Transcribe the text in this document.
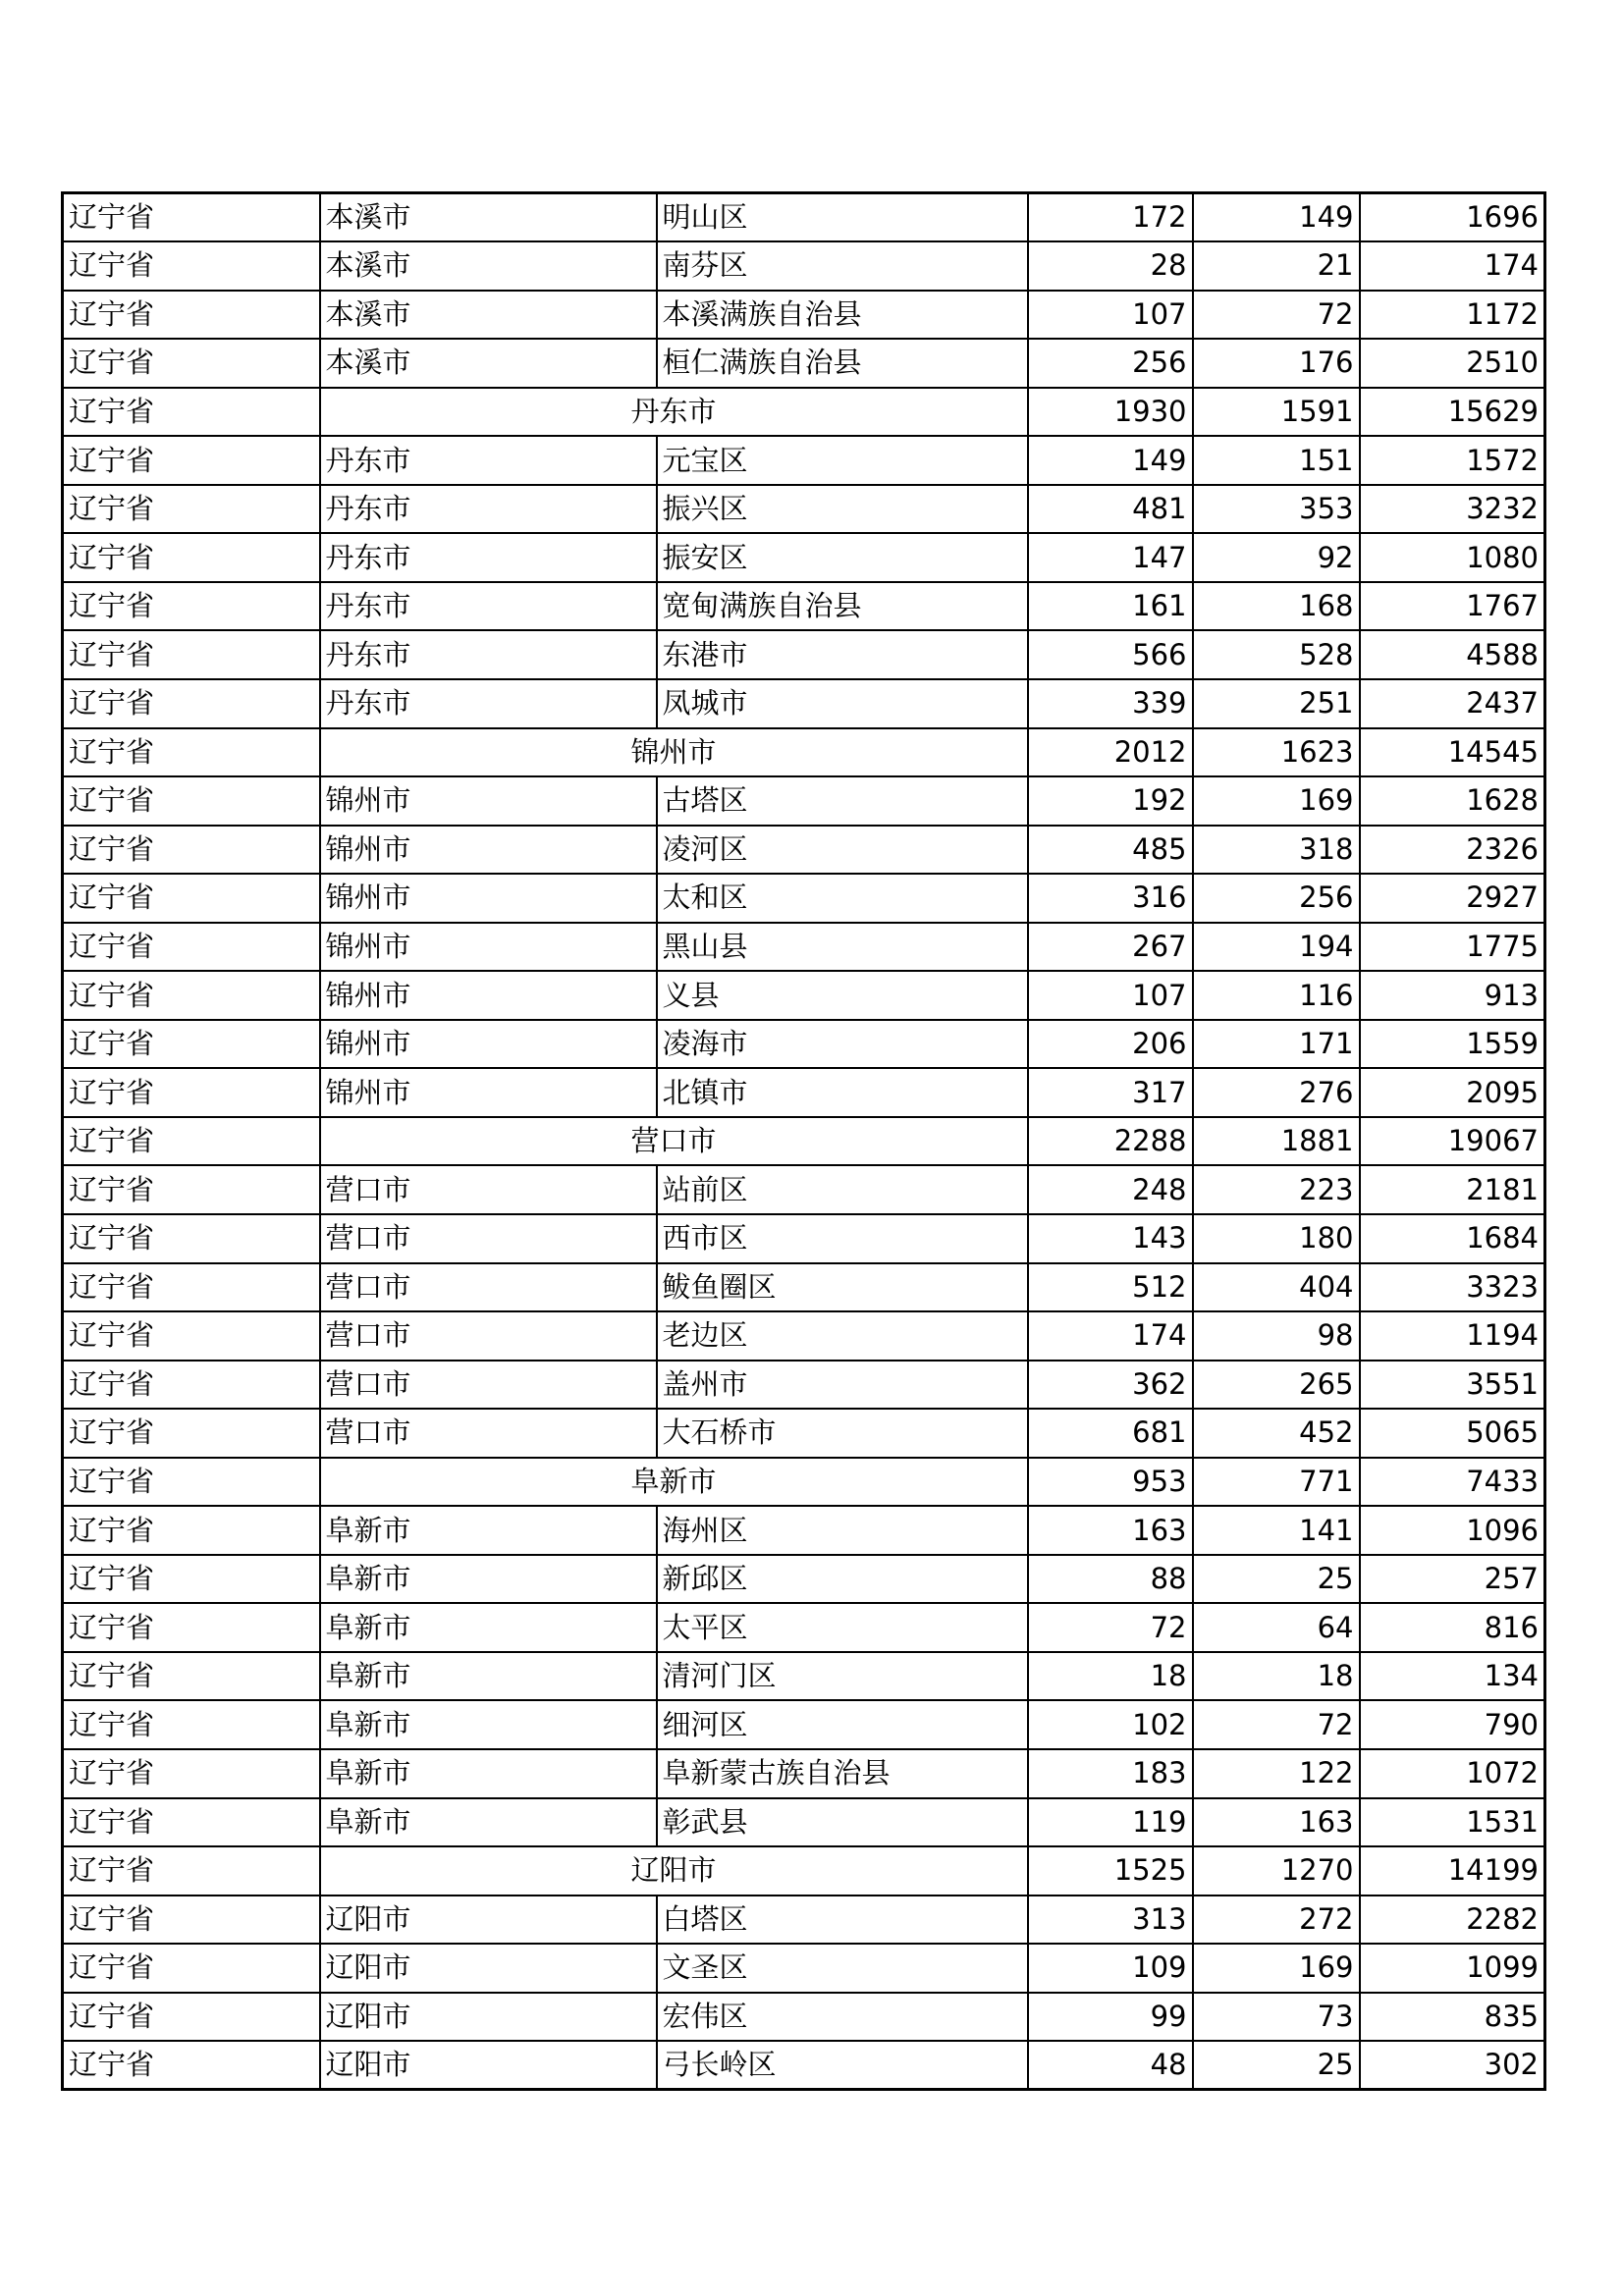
辽宁省	本溪市	明山区	172	149	1696
辽宁省	本溪市	南芬区	28	21	174
辽宁省	本溪市	本溪满族自治县	107	72	1172
辽宁省	本溪市	桓仁满族自治县	256	176	2510
辽宁省	丹东市		1930	1591	15629
辽宁省	丹东市	元宝区	149	151	1572
辽宁省	丹东市	振兴区	481	353	3232
辽宁省	丹东市	振安区	147	92	1080
辽宁省	丹东市	宽甸满族自治县	161	168	1767
辽宁省	丹东市	东港市	566	528	4588
辽宁省	丹东市	凤城市	339	251	2437
辽宁省	锦州市		2012	1623	14545
辽宁省	锦州市	古塔区	192	169	1628
辽宁省	锦州市	凌河区	485	318	2326
辽宁省	锦州市	太和区	316	256	2927
辽宁省	锦州市	黑山县	267	194	1775
辽宁省	锦州市	义县	107	116	913
辽宁省	锦州市	凌海市	206	171	1559
辽宁省	锦州市	北镇市	317	276	2095
辽宁省	营口市		2288	1881	19067
辽宁省	营口市	站前区	248	223	2181
辽宁省	营口市	西市区	143	180	1684
辽宁省	营口市	鲅鱼圈区	512	404	3323
辽宁省	营口市	老边区	174	98	1194
辽宁省	营口市	盖州市	362	265	3551
辽宁省	营口市	大石桥市	681	452	5065
辽宁省	阜新市		953	771	7433
辽宁省	阜新市	海州区	163	141	1096
辽宁省	阜新市	新邱区	88	25	257
辽宁省	阜新市	太平区	72	64	816
辽宁省	阜新市	清河门区	18	18	134
辽宁省	阜新市	细河区	102	72	790
辽宁省	阜新市	阜新蒙古族自治县	183	122	1072
辽宁省	阜新市	彰武县	119	163	1531
辽宁省	辽阳市		1525	1270	14199
辽宁省	辽阳市	白塔区	313	272	2282
辽宁省	辽阳市	文圣区	109	169	1099
辽宁省	辽阳市	宏伟区	99	73	835
辽宁省	辽阳市	弓长岭区	48	25	302
